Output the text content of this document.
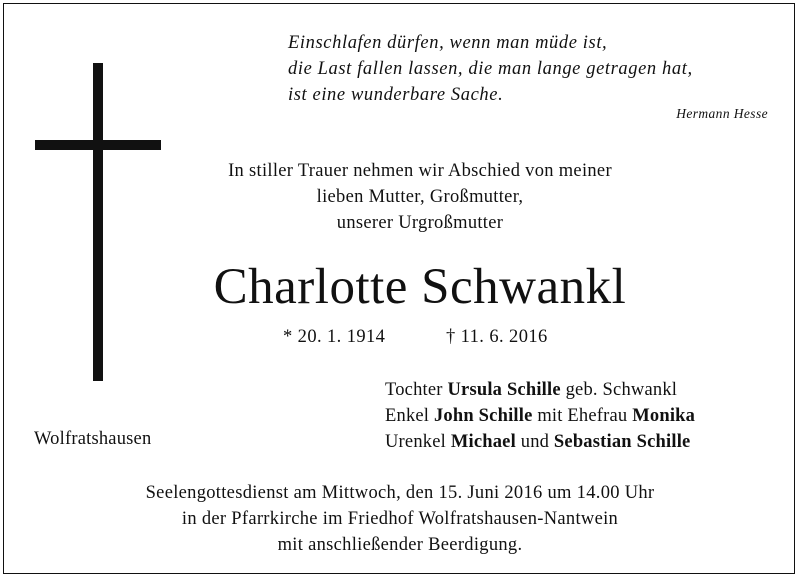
Einschlafen dürfen, wenn man müde ist,
die Last fallen lassen, die man lange getragen hat,
ist eine wunderbare Sache.
Hermann Hesse
In stiller Trauer nehmen wir Abschied von meiner
lieben Mutter, Großmutter,
unserer Urgroßmutter
Charlotte Schwankl
* 20. 1. 1914	† 11. 6. 2016
Tochter Ursula Schille geb. Schwankl
Enkel John Schille mit Ehefrau Monika
Urenkel Michael und Sebastian Schille
Wolfratshausen
Seelengottesdienst am Mittwoch, den 15. Juni 2016 um 14.00 Uhr
in der Pfarrkirche im Friedhof Wolfratshausen-Nantwein
mit anschließender Beerdigung.
